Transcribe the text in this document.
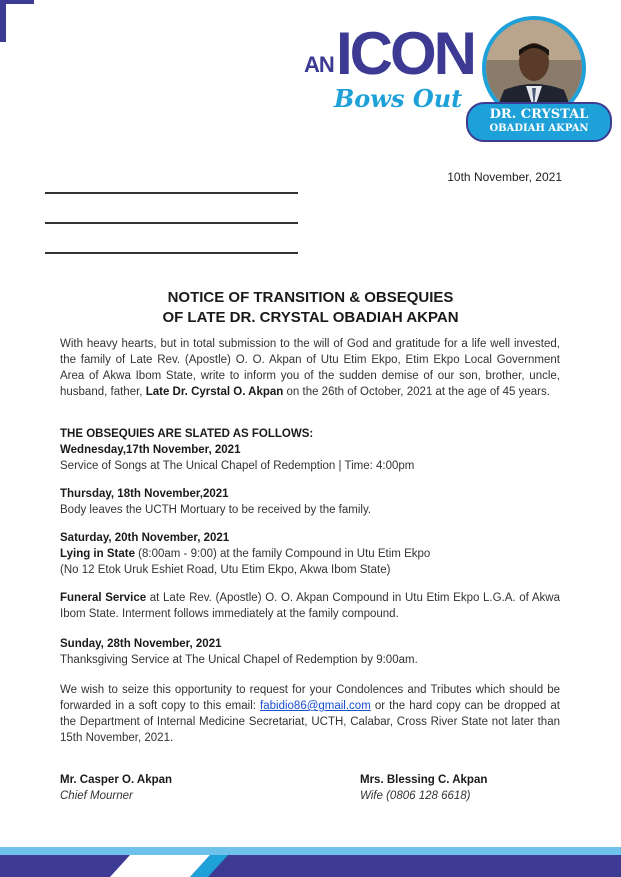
AN ICON
Bows Out
DR. CRYSTAL
OBADIAH AKPAN
10th November, 2021
NOTICE OF TRANSITION & OBSEQUIES
OF LATE DR. CRYSTAL OBADIAH AKPAN

With heavy hearts, but in total submission to the will of God and gratitude for a life well invested, the family of Late Rev. (Apostle) O. O. Akpan of Utu Etim Ekpo, Etim Ekpo Local Government Area of Akwa Ibom State, write to inform you of the sudden demise of our son, brother, uncle, husband, father, Late Dr. Cyrstal O. Akpan on the 26th of October, 2021 at the age of 45 years.

THE OBSEQUIES ARE SLATED AS FOLLOWS:

Wednesday,17th November, 2021

Service of Songs at The Unical Chapel of Redemption | Time: 4:00pm

Thursday, 18th November,2021

Body leaves the UCTH Mortuary to be received by the family.

Saturday, 20th November, 2021

Lying in State (8:00am - 9:00) at the family Compound in Utu Etim Ekpo

(No 12 Etok Uruk Eshiet Road, Utu Etim Ekpo, Akwa Ibom State)

Funeral Service at Late Rev. (Apostle) O. O. Akpan Compound in Utu Etim Ekpo L.G.A. of Akwa Ibom State. Interment follows immediately at the family compound.

Sunday, 28th November, 2021

Thanksgiving Service at The Unical Chapel of Redemption by 9:00am.

We wish to seize this opportunity to request for your Condolences and Tributes which should be forwarded in a soft copy to this email: fabidio86@gmail.com or the hard copy can be dropped at the Department of Internal Medicine Secretariat, UCTH, Calabar, Cross River State not later than 15th November, 2021.

Mr. Casper O. Akpan
Chief Mourner
Mrs. Blessing C. Akpan
Wife (0806 128 6618)
